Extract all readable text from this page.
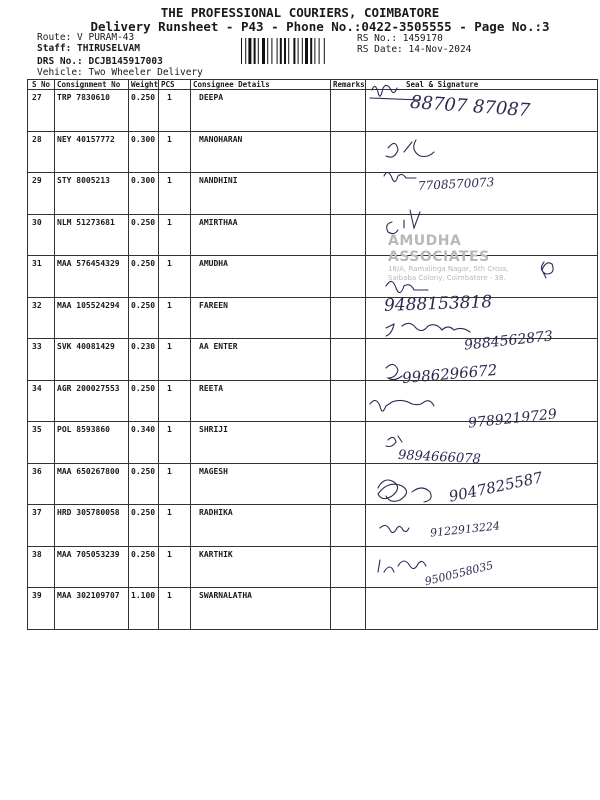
THE PROFESSIONAL COURIERS, COIMBATORE
Delivery Runsheet - P43 - Phone No.:0422-3505555 - Page No.:3
Route: V PURAM-43
Staff: THIRUSELVAM
DRS No.: DCJB145917003
Vehicle: Two Wheeler Delivery
RS No.: 1459170
RS Date: 14-Nov-2024
S No	Consignment No	Weight	PCS	Consignee Details	Remarks	Seal & Signature
27	TRP 7830610	0.250	1	DEEPA		
28	NEY 40157772	0.300	1	MANOHARAN		
29	STY 8005213	0.300	1	NANDHINI		
30	NLM 51273681	0.250	1	AMIRTHAA		
31	MAA 576454329	0.250	1	AMUDHA		
32	MAA 105524294	0.250	1	FAREEN		
33	SVK 40081429	0.230	1	AA ENTER		
34	AGR 200027553	0.250	1	REETA		
35	POL 8593860	0.340	1	SHRIJI		
36	MAA 650267800	0.250	1	MAGESH		
37	HRD 305780058	0.250	1	RADHIKA		
38	MAA 705053239	0.250	1	KARTHIK		
39	MAA 302109707	1.100	1	SWARNALATHA		
AMUDHA ASSOCIATES
18/A, Ramalinga Nagar, 5th Cross,
Saibaba Colony, Coimbatore - 38.
88707 87087
7708570073
9488153818
9884562873
9986296672
9789219729
9894666078
9047825587
9122913224
9500558035
